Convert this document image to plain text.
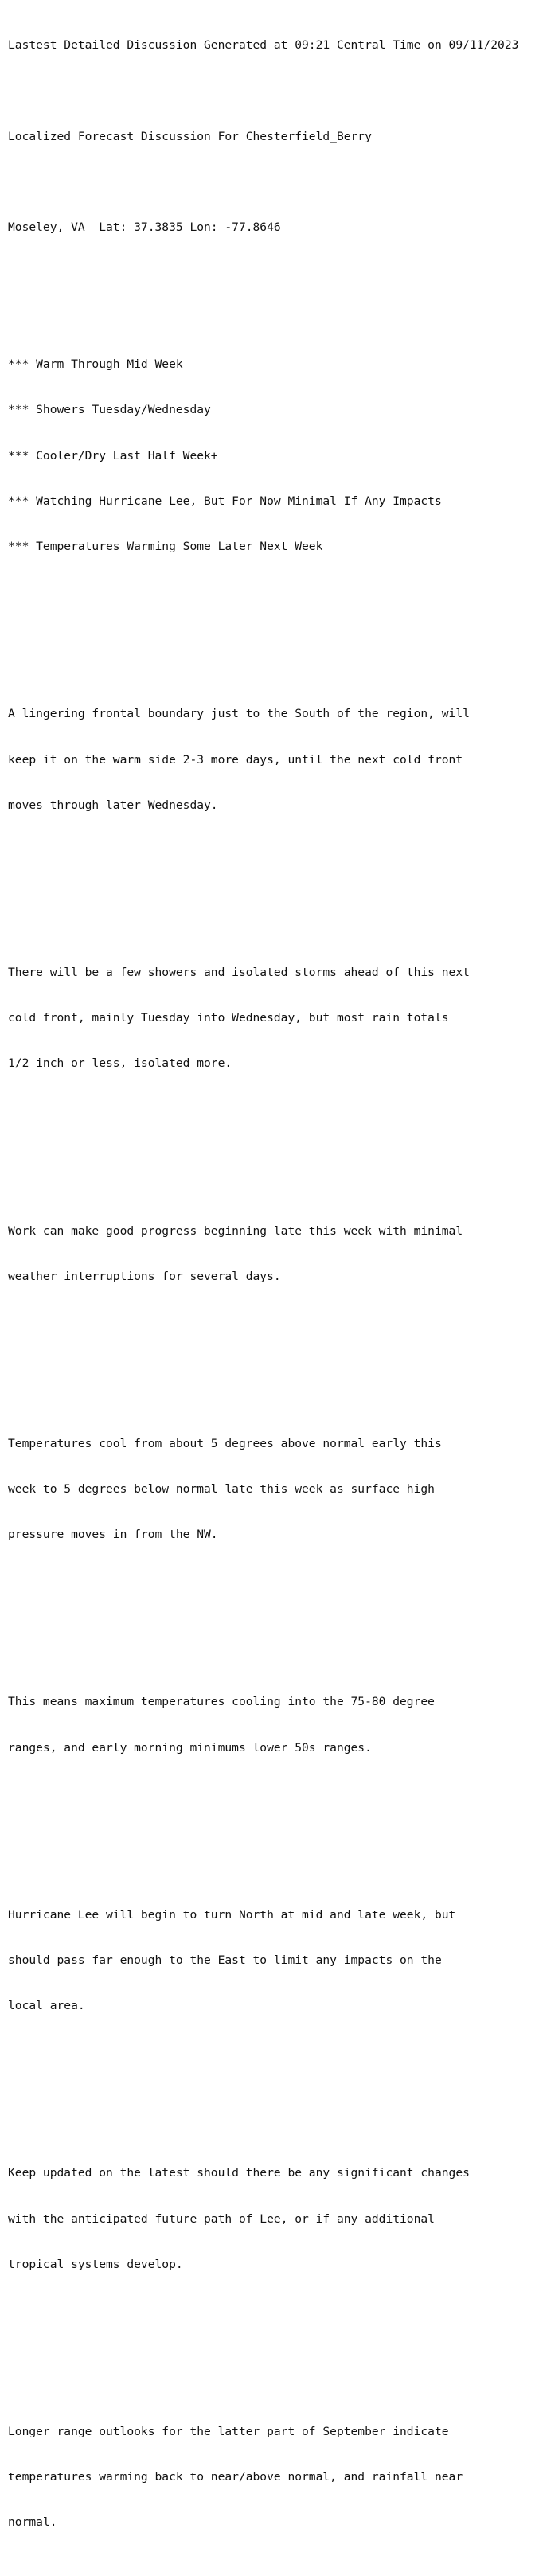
Lastest Detailed Discussion Generated at 09:21 Central Time on 09/11/2023

Localized Forecast Discussion For Chesterfield_Berry

Moseley, VA  Lat: 37.3835 Lon: -77.8646

*** Warm Through Mid Week

*** Showers Tuesday/Wednesday

*** Cooler/Dry Last Half Week+

*** Watching Hurricane Lee, But For Now Minimal If Any Impacts

*** Temperatures Warming Some Later Next Week

A lingering frontal boundary just to the South of the region, will

keep it on the warm side 2-3 more days, until the next cold front

moves through later Wednesday.

There will be a few showers and isolated storms ahead of this next

cold front, mainly Tuesday into Wednesday, but most rain totals

1/2 inch or less, isolated more.

Work can make good progress beginning late this week with minimal

weather interruptions for several days.

Temperatures cool from about 5 degrees above normal early this

week to 5 degrees below normal late this week as surface high

pressure moves in from the NW.

This means maximum temperatures cooling into the 75-80 degree

ranges, and early morning minimums lower 50s ranges.

Hurricane Lee will begin to turn North at mid and late week, but

should pass far enough to the East to limit any impacts on the

local area.

Keep updated on the latest should there be any significant changes

with the anticipated future path of Lee, or if any additional

tropical systems develop.

Longer range outlooks for the latter part of September indicate

temperatures warming back to near/above normal, and rainfall near

normal.
